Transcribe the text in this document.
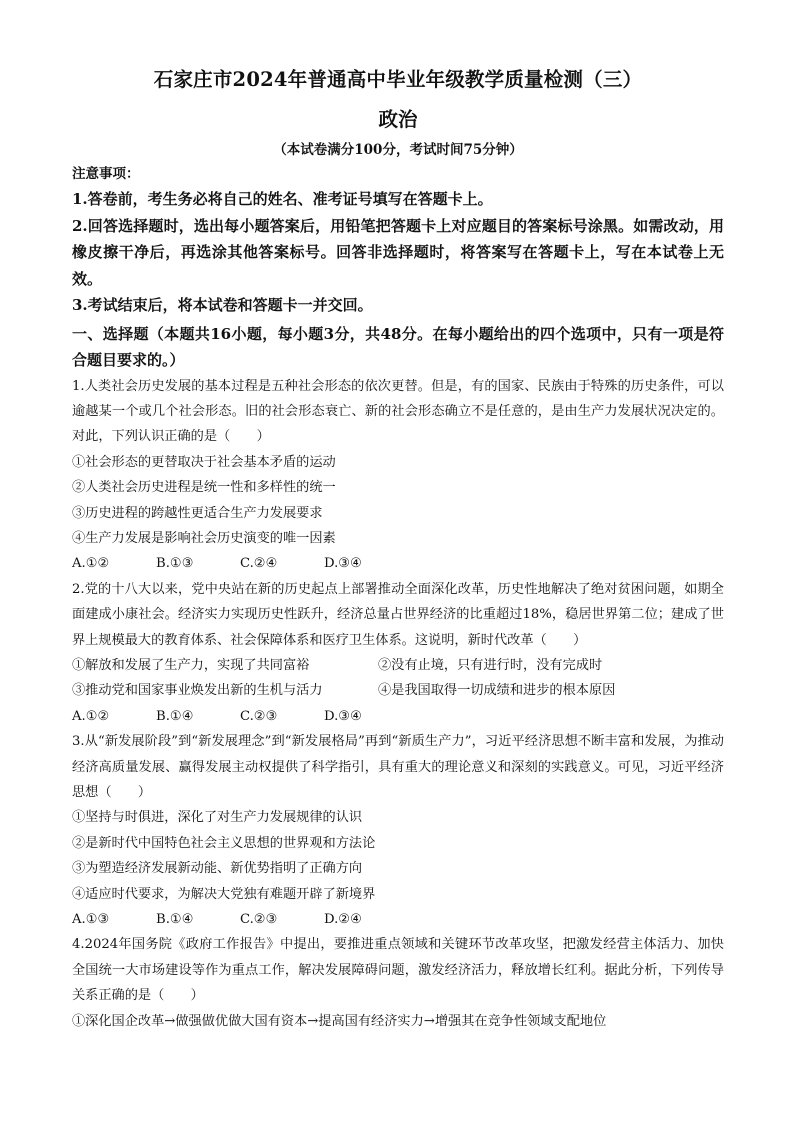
石家庄市2024年普通高中毕业年级教学质量检测（三）
政治
（本试卷满分100分，考试时间75分钟）
注意事项：
1.答卷前，考生务必将自己的姓名、准考证号填写在答题卡上。
2.回答选择题时，选出每小题答案后，用铅笔把答题卡上对应题目的答案标号涂黑。如需改动，用橡皮擦干净后，再选涂其他答案标号。回答非选择题时，将答案写在答题卡上，写在本试卷上无效。
3.考试结束后，将本试卷和答题卡一并交回。
一、选择题（本题共16小题，每小题3分，共48分。在每小题给出的四个选项中，只有一项是符合题目要求的。）
1.人类社会历史发展的基本过程是五种社会形态的依次更替。但是，有的国家、民族由于特殊的历史条件，可以逾越某一个或几个社会形态。旧的社会形态衰亡、新的社会形态确立不是任意的，是由生产力发展状况决定的。对此，下列认识正确的是（　　）
①社会形态的更替取决于社会基本矛盾的运动
②人类社会历史进程是统一性和多样性的统一
③历史进程的跨越性更适合生产力发展要求
④生产力发展是影响社会历史演变的唯一因素
A.①②	B.①③	C.②④	D.③④
2.党的十八大以来，党中央站在新的历史起点上部署推动全面深化改革，历史性地解决了绝对贫困问题，如期全面建成小康社会。经济实力实现历史性跃升，经济总量占世界经济的比重超过18%，稳居世界第二位；建成了世界上规模最大的教育体系、社会保障体系和医疗卫生体系。这说明，新时代改革（　　）
①解放和发展了生产力，实现了共同富裕	②没有止境，只有进行时，没有完成时
③推动党和国家事业焕发出新的生机与活力	④是我国取得一切成绩和进步的根本原因
A.①②	B.①④	C.②③	D.③④
3.从“新发展阶段”到“新发展理念”到“新发展格局”再到“新质生产力”，习近平经济思想不断丰富和发展，为推动经济高质量发展、赢得发展主动权提供了科学指引，具有重大的理论意义和深刻的实践意义。可见，习近平经济思想（　　）
①坚持与时俱进，深化了对生产力发展规律的认识
②是新时代中国特色社会主义思想的世界观和方法论
③为塑造经济发展新动能、新优势指明了正确方向
④适应时代要求，为解决大党独有难题开辟了新境界
A.①③	B.①④	C.②③	D.②④
4.2024年国务院《政府工作报告》中提出，要推进重点领域和关键环节改革攻坚，把激发经营主体活力、加快全国统一大市场建设等作为重点工作，解决发展障碍问题，激发经济活力，释放增长红利。据此分析，下列传导关系正确的是（　　）
①深化国企改革→做强做优做大国有资本→提高国有经济实力→增强其在竞争性领域支配地位
